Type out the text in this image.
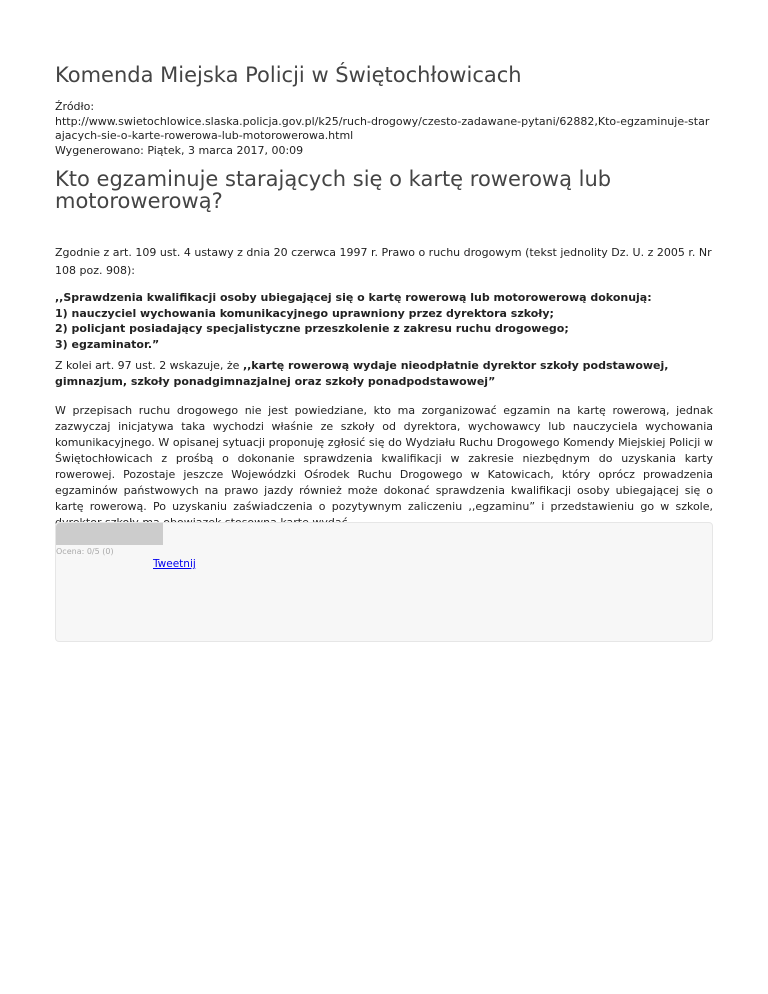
Komenda Miejska Policji w Świętochłowicach
Źródło:
http://www.swietochlowice.slaska.policja.gov.pl/k25/ruch-drogowy/czesto-zadawane-pytani/62882,Kto-egzaminuje-starajacych-sie-o-karte-rowerowa-lub-motorowerowa.html
Wygenerowano: Piątek, 3 marca 2017, 00:09
Kto egzaminuje starających się o kartę rowerową lub motorowerową?

Zgodnie z art. 109 ust. 4 ustawy z dnia 20 czerwca 1997 r. Prawo o ruchu drogowym (tekst jednolity Dz. U. z 2005 r. Nr 108 poz. 908):

,,Sprawdzenia kwalifikacji osoby ubiegającej się o kartę rowerową lub motorowerową dokonują:
1) nauczyciel wychowania komunikacyjnego uprawniony przez dyrektora szkoły;
2) policjant posiadający specjalistyczne przeszkolenie z zakresu ruchu drogowego;
3) egzaminator.”

Z kolei art. 97 ust. 2 wskazuje, że ,,kartę rowerową wydaje nieodpłatnie dyrektor szkoły podstawowej, gimnazjum, szkoły ponadgimnazjalnej oraz szkoły ponadpodstawowej”

W przepisach ruchu drogowego nie jest powiedziane, kto ma zorganizować egzamin na kartę rowerową, jednak zazwyczaj inicjatywa taka wychodzi właśnie ze szkoły od dyrektora, wychowawcy lub nauczyciela wychowania komunikacyjnego. W opisanej sytuacji proponuję zgłosić się do Wydziału Ruchu Drogowego Komendy Miejskiej Policji w Świętochłowicach z prośbą o dokonanie sprawdzenia kwalifikacji w zakresie niezbędnym do uzyskania karty rowerowej. Pozostaje jeszcze Wojewódzki Ośrodek Ruchu Drogowego w Katowicach, który oprócz prowadzenia egzaminów państwowych na prawo jazdy również może dokonać sprawdzenia kwalifikacji osoby ubiegającej się o kartę rowerową. Po uzyskaniu zaświadczenia o pozytywnym zaliczeniu ,,egzaminu” i przedstawieniu go w szkole,

Ocena: 0/5 (0)
Tweetnij
